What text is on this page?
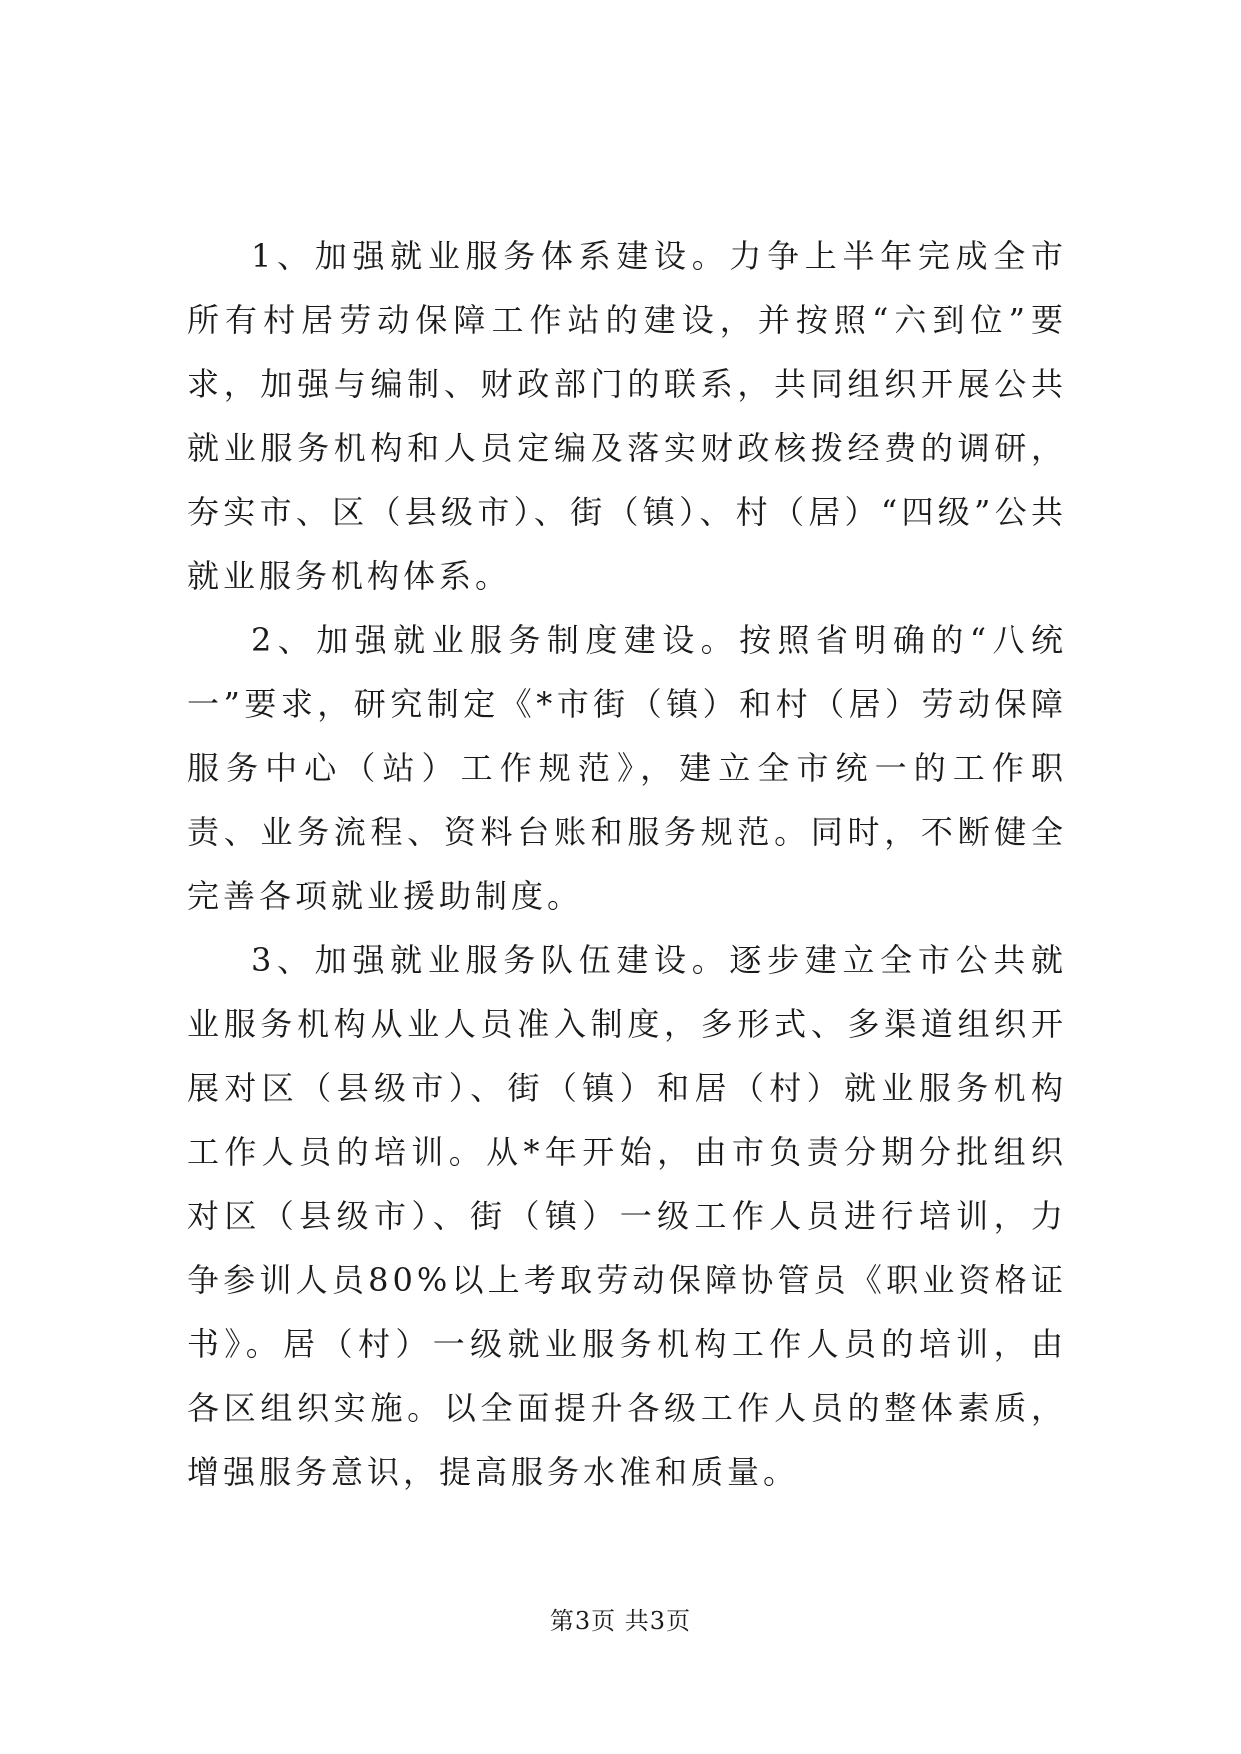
1、加强就业服务体系建设。力争上半年完成全市所有村居劳动保障工作站的建设，并按照“六到位”要求，加强与编制、财政部门的联系，共同组织开展公共就业服务机构和人员定编及落实财政核拨经费的调研，夯实市、区（县级市）、街（镇）、村（居）“四级”公共就业服务机构体系。

2、加强就业服务制度建设。按照省明确的“八统一”要求，研究制定《*市街（镇）和村（居）劳动保障服务中心（站）工作规范》，建立全市统一的工作职责、业务流程、资料台账和服务规范。同时，不断健全完善各项就业援助制度。

3、加强就业服务队伍建设。逐步建立全市公共就业服务机构从业人员准入制度，多形式、多渠道组织开展对区（县级市）、街（镇）和居（村）就业服务机构工作人员的培训。从*年开始，由市负责分期分批组织对区（县级市）、街（镇）一级工作人员进行培训，力争参训人员80%以上考取劳动保障协管员《职业资格证书》。居（村）一级就业服务机构工作人员的培训，由各区组织实施。以全面提升各级工作人员的整体素质，增强服务意识，提高服务水准和质量。

第3页 共3页
